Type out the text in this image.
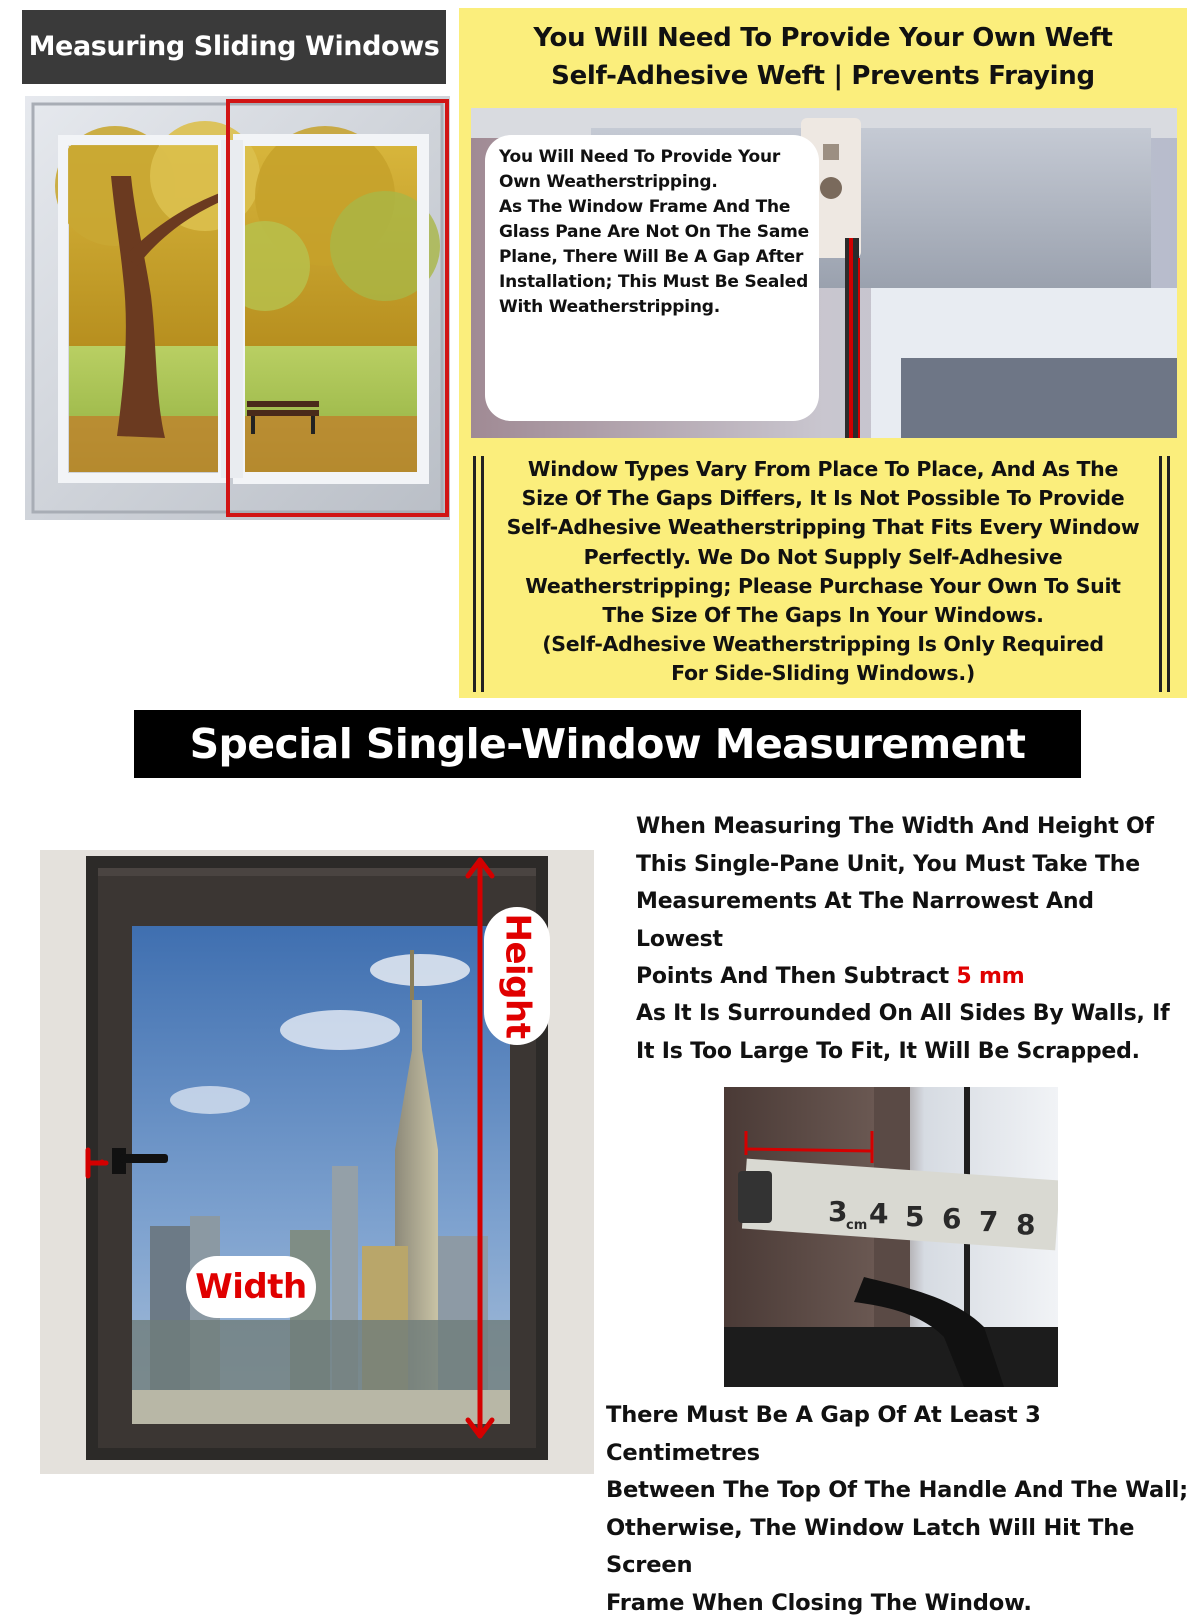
Measuring Sliding Windows	You Will Need To Provide Your Own Weft
Self-Adhesive Weft | Prevents Fraying
You Will Need To Provide Your
Own Weatherstripping.
As The Window Frame And The
Glass Pane Are Not On The Same
Plane, There Will Be A Gap After
Installation; This Must Be Sealed
With Weatherstripping.
Window Types Vary From Place To Place, And As The
Size Of The Gaps Differs, It Is Not Possible To Provide
Self-Adhesive Weatherstripping That Fits Every Window
Perfectly. We Do Not Supply Self-Adhesive
Weatherstripping; Please Purchase Your Own To Suit
The Size Of The Gaps In Your Windows.
(Self-Adhesive Weatherstripping Is Only Required
For Side-Sliding Windows.)
Special Single-Window Measurement
Height
Width
When Measuring The Width And Height Of
This Single-Pane Unit, You Must Take The
Measurements At The Narrowest And Lowest
Points And Then Subtract 5 mm
As It Is Surrounded On All Sides By Walls, If
It Is Too Large To Fit, It Will Be Scrapped.
3 4 5 6 7 8
cm
There Must Be A Gap Of At Least 3 Centimetres
Between The Top Of The Handle And The Wall;
Otherwise, The Window Latch Will Hit The Screen
Frame When Closing The Window.
